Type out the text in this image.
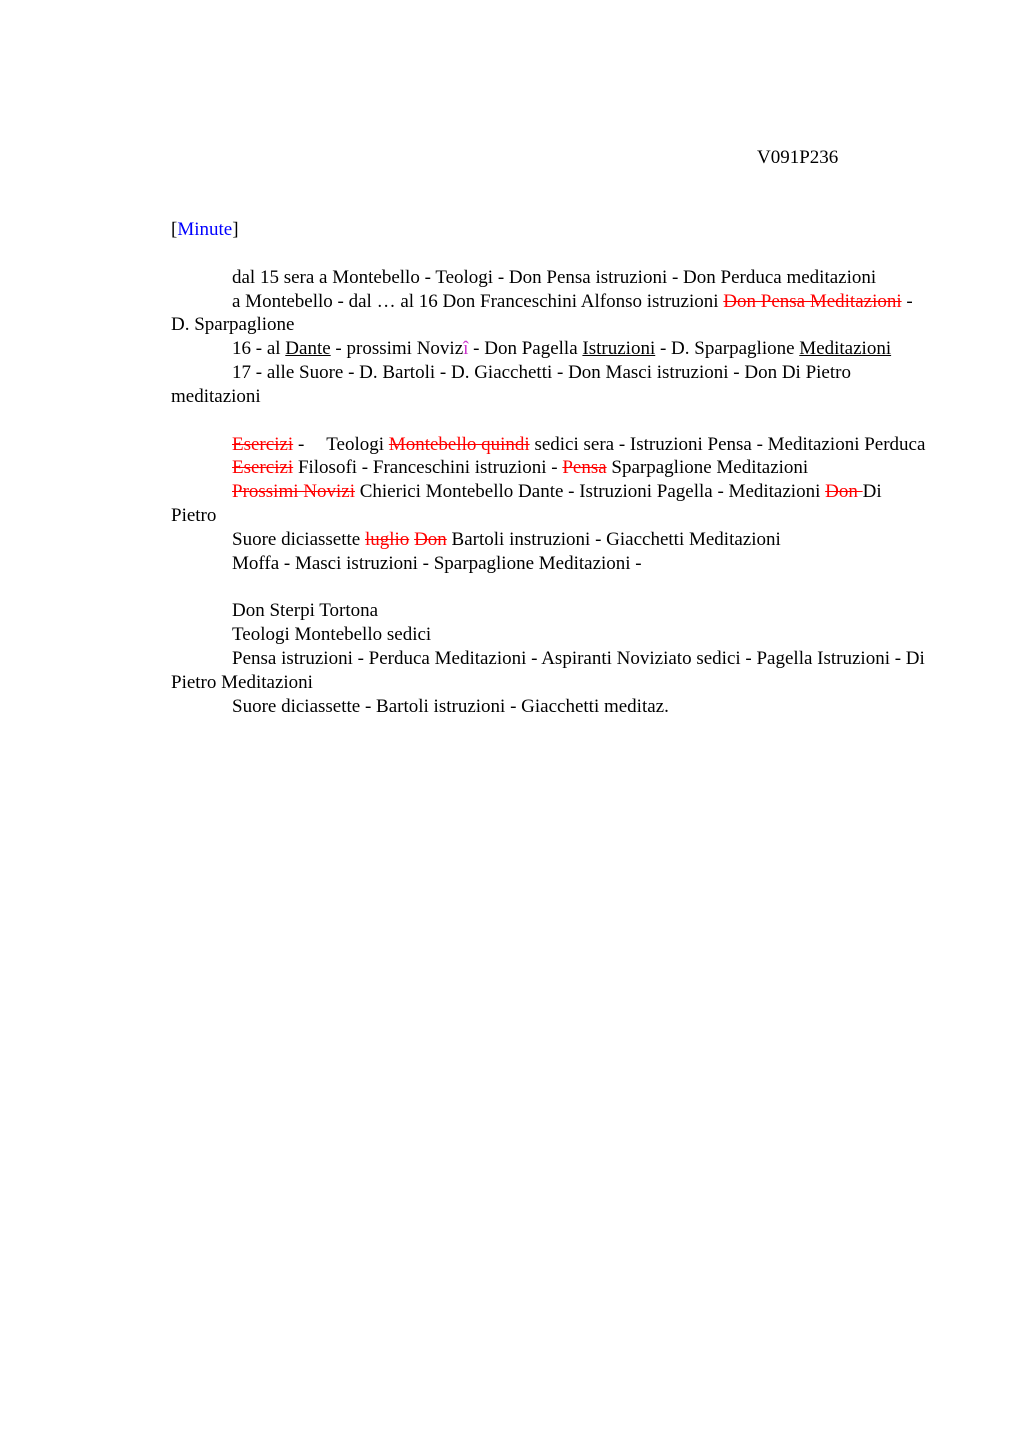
V091P236

[Minute]

dal 15 sera a Montebello - Teologi - Don Pensa istruzioni - Don Perduca meditazioni

a Montebello - dal … al 16 Don Franceschini Alfonso istruzioni Don Pensa Meditazioni - D. Sparpaglione

16 - al Dante - prossimi Novizî - Don Pagella Istruzioni - D. Sparpaglione Meditazioni

17 - alle Suore - D. Bartoli - D. Giacchetti - Don Masci istruzioni - Don Di Pietro meditazioni

Esercizi - Teologi Montebello quindi sedici sera - Istruzioni Pensa - Meditazioni Perduca

Esercizi Filosofi - Franceschini istruzioni - Pensa Sparpaglione Meditazioni

Prossimi Novizi Chierici Montebello Dante - Istruzioni Pagella - Meditazioni Don Di Pietro

Suore diciassette luglio Don Bartoli instruzioni - Giacchetti Meditazioni

Moffa - Masci istruzioni - Sparpaglione Meditazioni -

Don Sterpi Tortona

Teologi Montebello sedici

Pensa istruzioni - Perduca Meditazioni - Aspiranti Noviziato sedici - Pagella Istruzioni - Di Pietro Meditazioni

Suore diciassette - Bartoli istruzioni - Giacchetti meditaz.
